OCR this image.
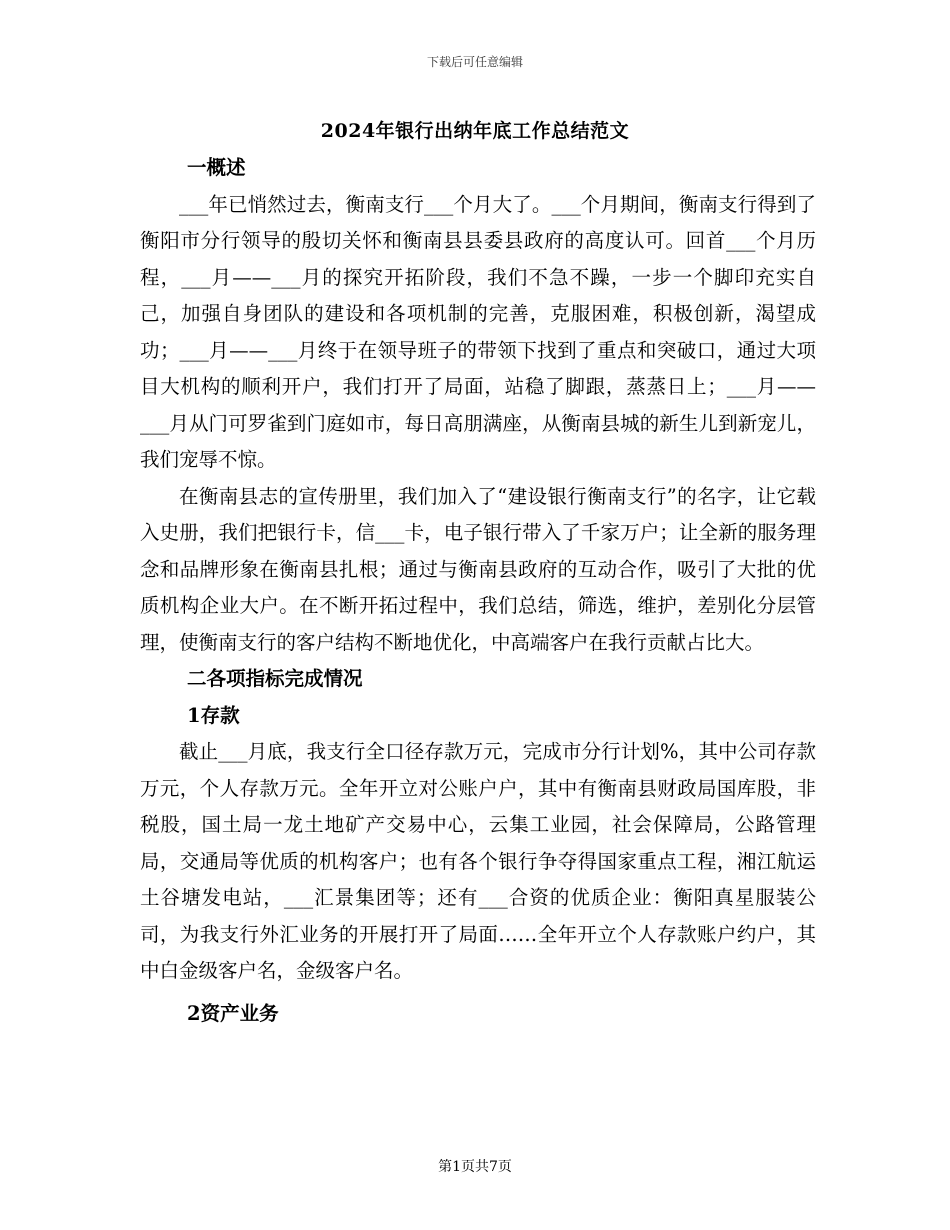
下载后可任意编辑
2024年银行出纳年底工作总结范文

一概述

___年已悄然过去，衡南支行___个月大了。___个月期间，衡南支行得到了衡阳市分行领导的殷切关怀和衡南县县委县政府的高度认可。回首___个月历程，___月——___月的探究开拓阶段，我们不急不躁，一步一个脚印充实自己，加强自身团队的建设和各项机制的完善，克服困难，积极创新，渴望成功；___月——___月终于在领导班子的带领下找到了重点和突破口，通过大项目大机构的顺利开户，我们打开了局面，站稳了脚跟，蒸蒸日上；___月——___月从门可罗雀到门庭如市，每日高朋满座，从衡南县城的新生儿到新宠儿，我们宠辱不惊。

在衡南县志的宣传册里，我们加入了“建设银行衡南支行”的名字，让它载入史册，我们把银行卡，信___卡，电子银行带入了千家万户；让全新的服务理念和品牌形象在衡南县扎根；通过与衡南县政府的互动合作，吸引了大批的优质机构企业大户。在不断开拓过程中，我们总结，筛选，维护，差别化分层管理，使衡南支行的客户结构不断地优化，中高端客户在我行贡献占比大。

二各项指标完成情况

1存款

截止___月底，我支行全口径存款万元，完成市分行计划%，其中公司存款万元，个人存款万元。全年开立对公账户户，其中有衡南县财政局国库股，非税股，国土局一龙土地矿产交易中心，云集工业园，社会保障局，公路管理局，交通局等优质的机构客户；也有各个银行争夺得国家重点工程，湘江航运土谷塘发电站，___汇景集团等；还有___合资的优质企业：衡阳真星服装公司，为我支行外汇业务的开展打开了局面……全年开立个人存款账户约户，其中白金级客户名，金级客户名。

2资产业务

第1页共7页
